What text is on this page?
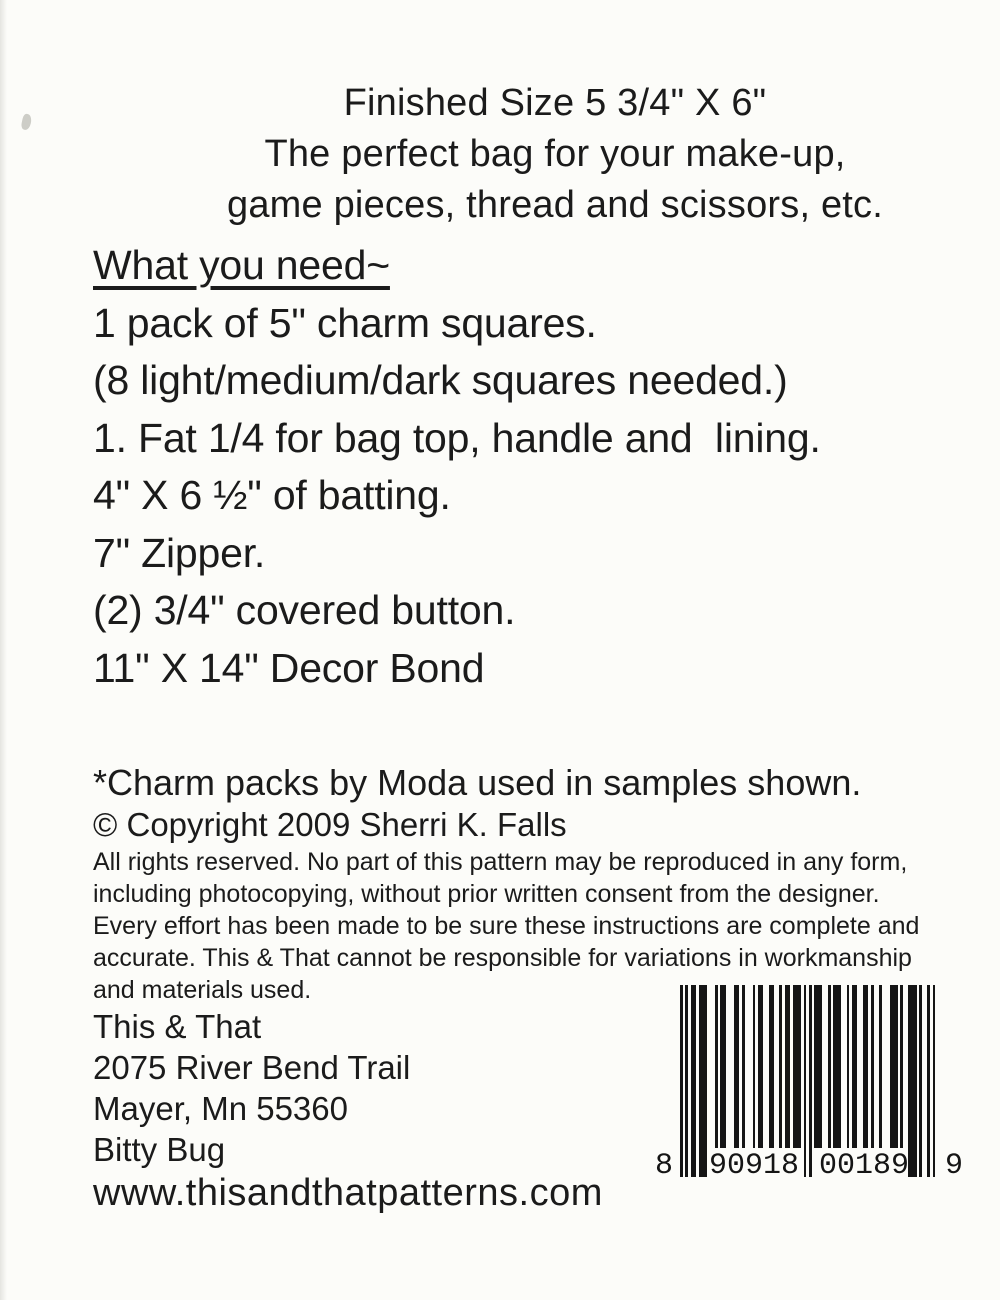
Finished Size 5 3/4" X 6"
The perfect bag for your make-up,
game pieces, thread and scissors, etc.
What you need~
1 pack of 5" charm squares.
(8 light/medium/dark squares needed.)
1. Fat 1/4 for bag top, handle and  lining.
4" X 6 ½" of batting.
7" Zipper.
(2) 3/4" covered button.
11" X 14" Decor Bond
*Charm packs by Moda used in samples shown.
© Copyright 2009 Sherri K. Falls
All rights reserved. No part of this pattern may be reproduced in any form,
including photocopying, without prior written consent from the designer.
Every effort has been made to be sure these instructions are complete and
accurate. This & That cannot be responsible for variations in workmanship
and materials used.
This & That
2075 River Bend Trail
Mayer, Mn 55360
Bitty Bug
www.thisandthatpatterns.com
8 90918 00189 9
